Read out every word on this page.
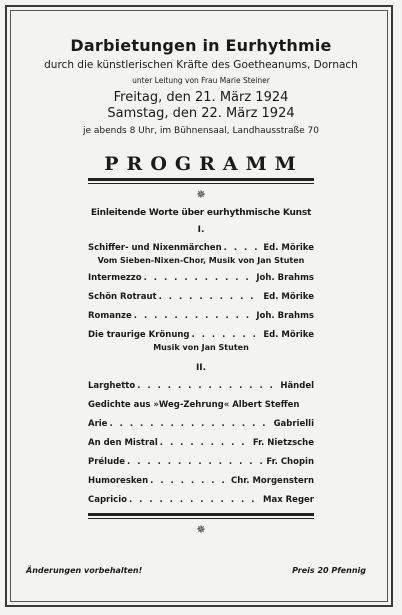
Darbietungen in Eurhythmie
durch die künstlerischen Kräfte des Goetheanums, Dornach
unter Leitung von Frau Marie Steiner
Freitag, den 21. März 1924
Samstag, den 22. März 1924
je abends 8 Uhr, im Bühnensaal, Landhausstraße 70
PROGRAMM
✵
Einleitende Worte über eurhythmische Kunst
I.
Schiffer- und Nixenmärchen . . .	Ed. Mörike
Vom Sieben-Nixen-Chor, Musik von Jan Stuten
Intermezzo . . .	Joh. Brahms
Schön Rotraut . . .	Ed. Mörike
Romanze . . .	Joh. Brahms
Die traurige Krönung . . .	Ed. Mörike
Musik von Jan Stuten
II.
Larghetto . . .	Händel
Gedichte aus »Weg-Zehrung« Albert Steffen
Arie . . .	Gabrielli
An den Mistral . . .	Fr. Nietzsche
Prélude . . .	Fr. Chopin
Humoresken . . .	Chr. Morgenstern
Capricio . . .	Max Reger
✵
Änderungen vorbehalten!	Preis 20 Pfennig
